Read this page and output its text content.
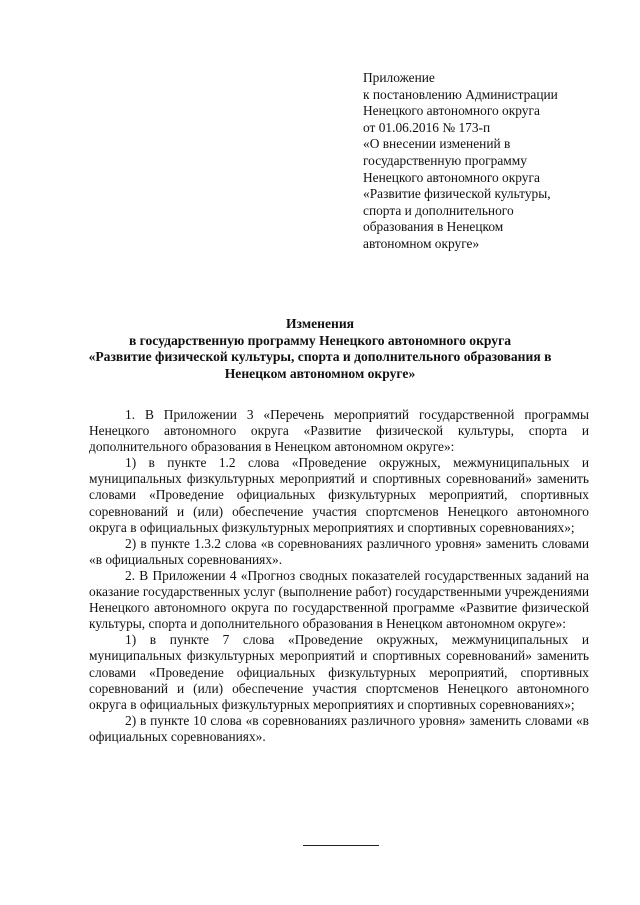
Приложение
к постановлению Администрации
Ненецкого автономного округа
от 01.06.2016 № 173-п
«О внесении изменений в
государственную программу
Ненецкого автономного округа
«Развитие физической культуры,
спорта и дополнительного
образования в Ненецком
автономном округе»
Изменения
в государственную программу Ненецкого автономного округа
«Развитие физической культуры, спорта и дополнительного образования в
Ненецком автономном округе»

1. В Приложении 3 «Перечень мероприятий государственной программы Ненецкого автономного округа «Развитие физической культуры, спорта и дополнительного образования в Ненецком автономном округе»:

1) в пункте 1.2 слова «Проведение окружных, межмуниципальных и муниципальных физкультурных мероприятий и спортивных соревнований» заменить словами «Проведение официальных физкультурных мероприятий, спортивных соревнований и (или) обеспечение участия спортсменов Ненецкого автономного округа в официальных физкультурных мероприятиях и спортивных соревнованиях»;

2) в пункте 1.3.2 слова «в соревнованиях различного уровня» заменить словами «в официальных соревнованиях».

2. В Приложении 4 «Прогноз сводных показателей государственных заданий на оказание государственных услуг (выполнение работ) государственными учреждениями Ненецкого автономного округа по государственной программе «Развитие физической культуры, спорта и дополнительного образования в Ненецком автономном округе»:

1) в пункте 7 слова «Проведение окружных, межмуниципальных и муниципальных физкультурных мероприятий и спортивных соревнований» заменить словами «Проведение официальных физкультурных мероприятий, спортивных соревнований и (или) обеспечение участия спортсменов Ненецкого автономного округа в официальных физкультурных мероприятиях и спортивных соревнованиях»;

2) в пункте 10 слова «в соревнованиях различного уровня» заменить словами «в официальных соревнованиях».
